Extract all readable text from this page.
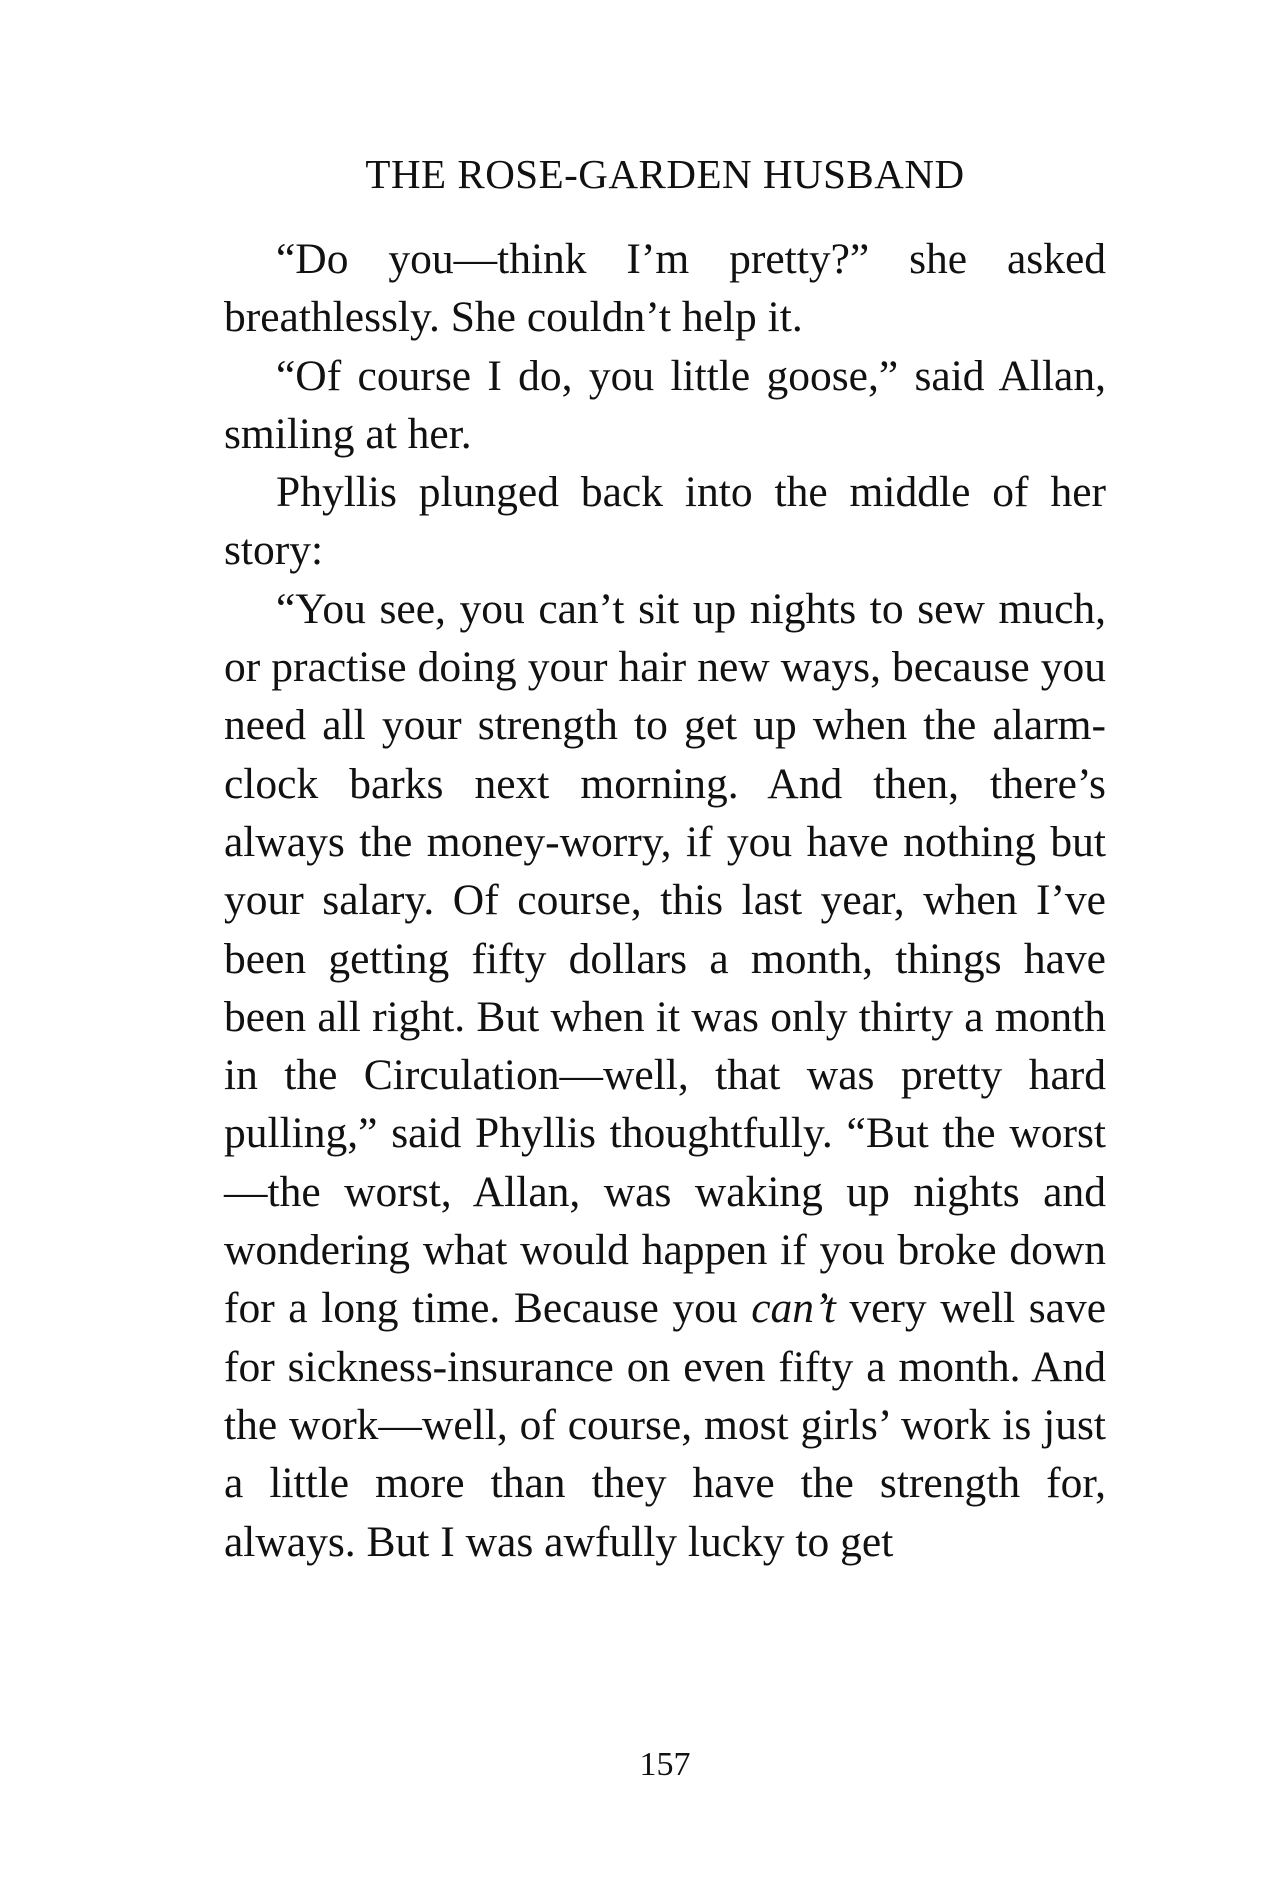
THE ROSE-GARDEN HUSBAND

“Do you—think I’m pretty?” she asked breathlessly. She couldn’t help it.

“Of course I do, you little goose,” said Allan, smiling at her.

Phyllis plunged back into the middle of her story:

“You see, you can’t sit up nights to sew much, or practise doing your hair new ways, because you need all your strength to get up when the alarm-clock barks next morning. And then, there’s always the money-worry, if you have nothing but your salary. Of course, this last year, when I’ve been getting fifty dollars a month, things have been all right. But when it was only thirty a month in the Circulation—well, that was pretty hard pulling,” said Phyllis thoughtfully. “But the worst—the worst, Allan, was waking up nights and wondering what would happen if you broke down for a long time. Because you can’t very well save for sickness-insurance on even fifty a month. And the work—well, of course, most girls’ work is just a little more than they have the strength for, always. But I was awfully lucky to get

157
